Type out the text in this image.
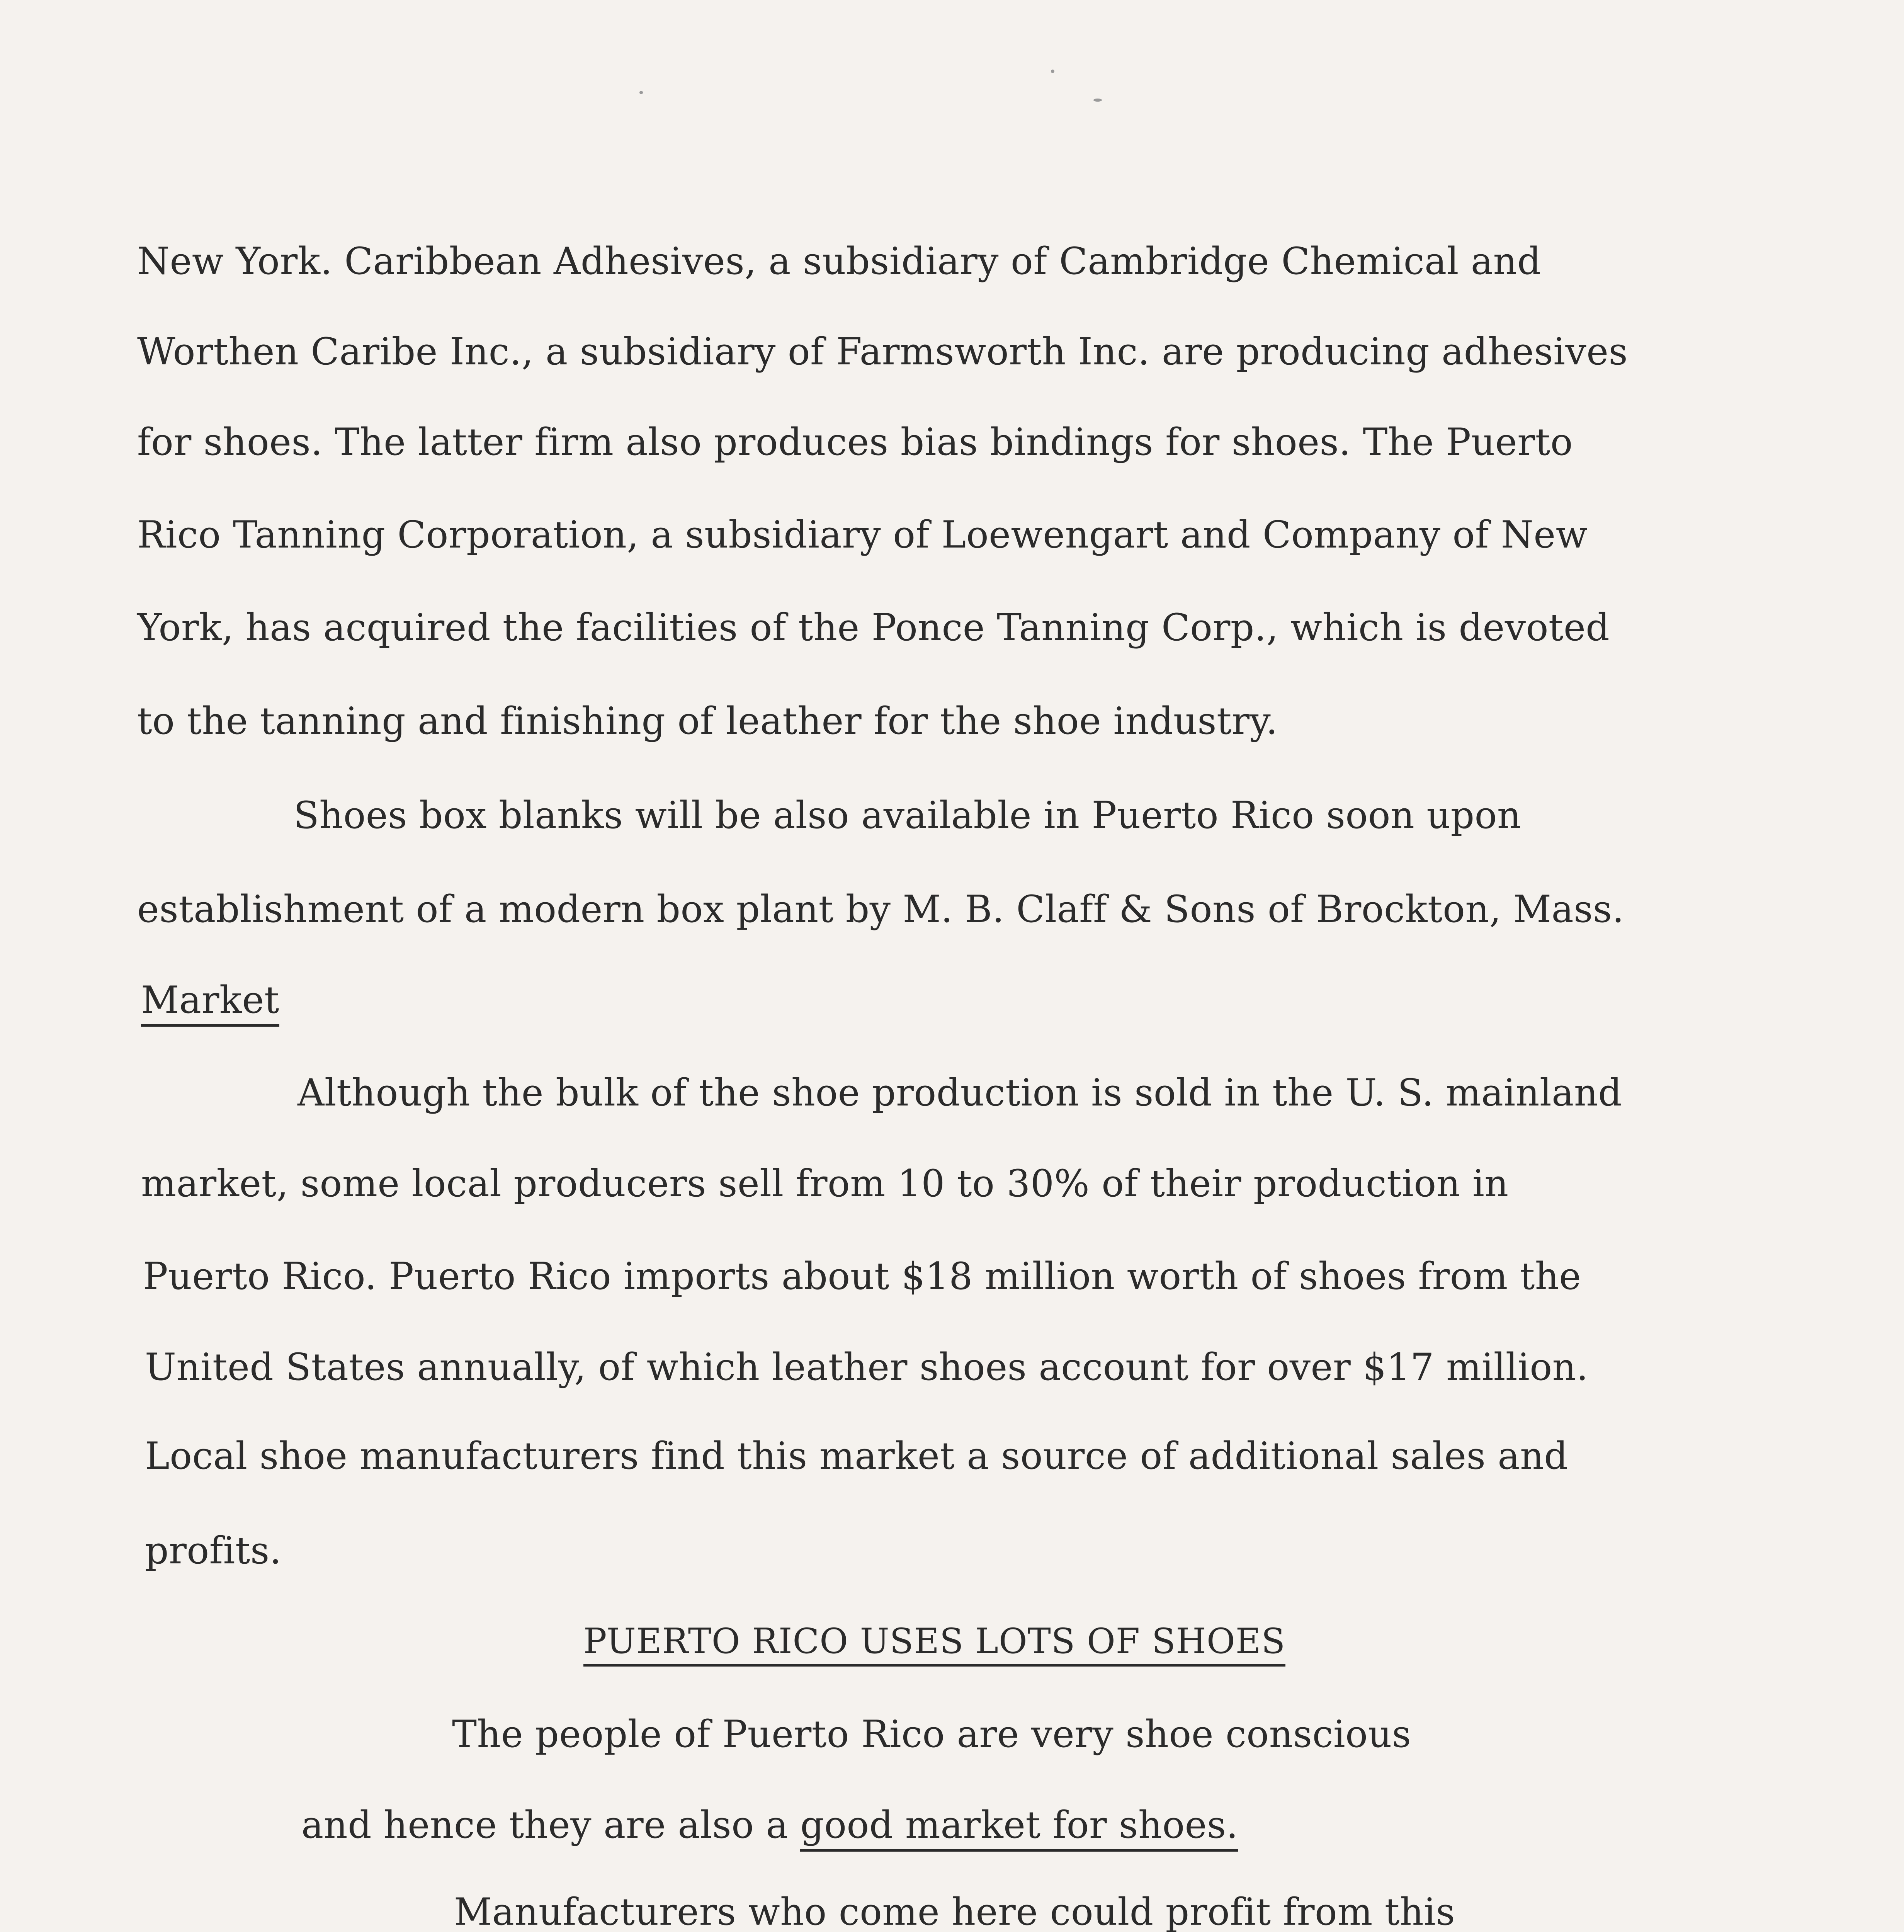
New York. Caribbean Adhesives, a subsidiary of Cambridge Chemical and
Worthen Caribe Inc., a subsidiary of Farmsworth Inc. are producing adhesives
for shoes. The latter firm also produces bias bindings for shoes. The Puerto
Rico Tanning Corporation, a subsidiary of Loewengart and Company of New
York, has acquired the facilities of the Ponce Tanning Corp., which is devoted
to the tanning and finishing of leather for the shoe industry.
Shoes box blanks will be also available in Puerto Rico soon upon
establishment of a modern box plant by M. B. Claff & Sons of Brockton, Mass.
Market
Although the bulk of the shoe production is sold in the U. S. mainland
market, some local producers sell from 10 to 30% of their production in
Puerto Rico. Puerto Rico imports about $18 million worth of shoes from the
United States annually, of which leather shoes account for over $17 million.
Local shoe manufacturers find this market a source of additional sales and
profits.
PUERTO RICO USES LOTS OF SHOES
The people of Puerto Rico are very shoe conscious
and hence they are also a good market for shoes.
Manufacturers who come here could profit from this
